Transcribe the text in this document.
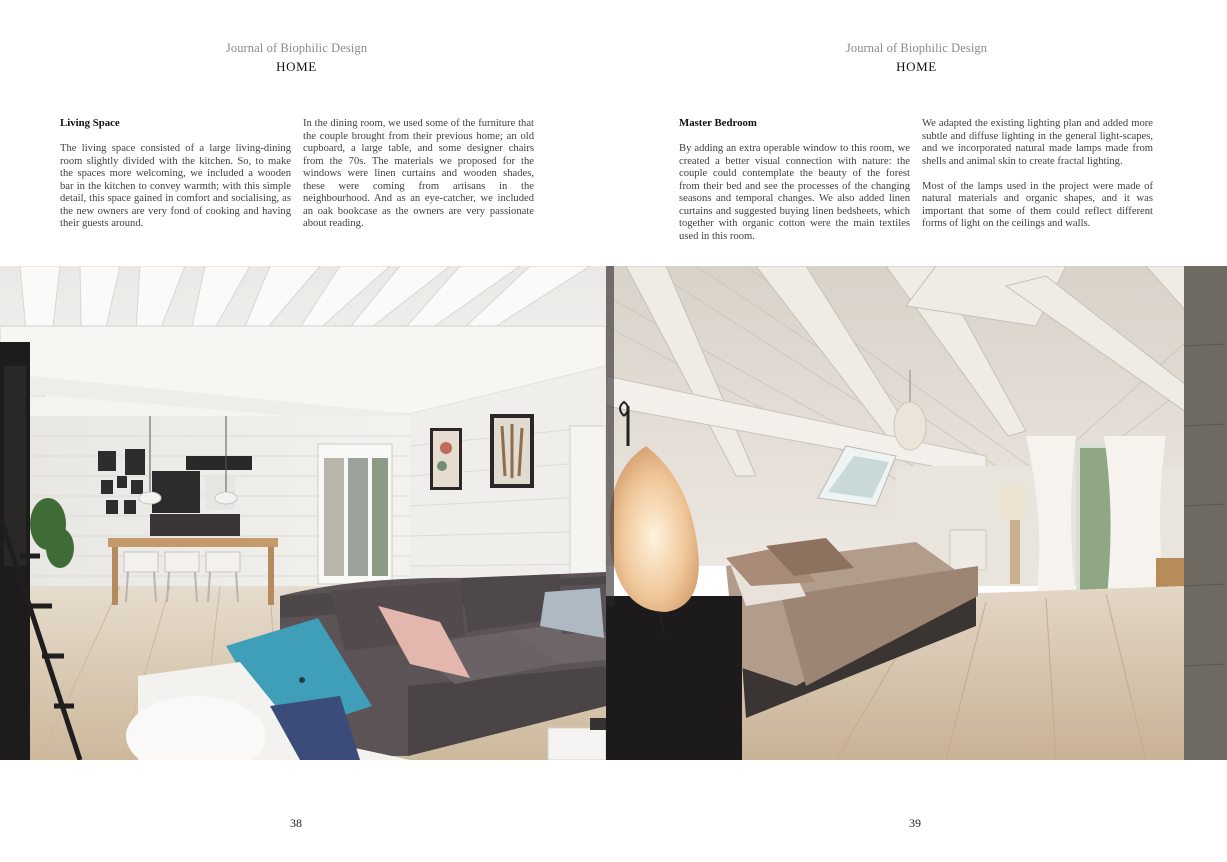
Journal of Biophilic Design
HOME
Living Space

The living space consisted of a large living-dining room slightly divided with the kitchen. So, to make the spaces more welcoming, we included a wooden bar in the kitchen to convey warmth; with this simple detail, this space gained in comfort and socialising, as the new owners are very fond of cooking and having their guests around.

In the dining room, we used some of the furniture that the couple brought from their previous home; an old cupboard, a large table, and some designer chairs from the 70s. The materials we proposed for the windows were linen curtains and wooden shades, these were coming from artisans in the neighbourhood. And as an eye-catcher, we included an oak bookcase as the owners are very passionate about reading.

38
Journal of Biophilic Design
HOME
Master Bedroom

By adding an extra operable window to this room, we created a better visual connection with nature: the couple could contemplate the beauty of the forest from their bed and see the processes of the changing seasons and temporal changes. We also added linen curtains and suggested buying linen bedsheets, which together with organic cotton were the main textiles used in this room.

We adapted the existing lighting plan and added more subtle and diffuse lighting in the general light-scapes, and we incorporated natural made lamps made from shells and animal skin to create fractal lighting.

Most of the lamps used in the project were made of natural materials and organic shapes, and it was important that some of them could reflect different forms of light on the ceilings and walls.

39
